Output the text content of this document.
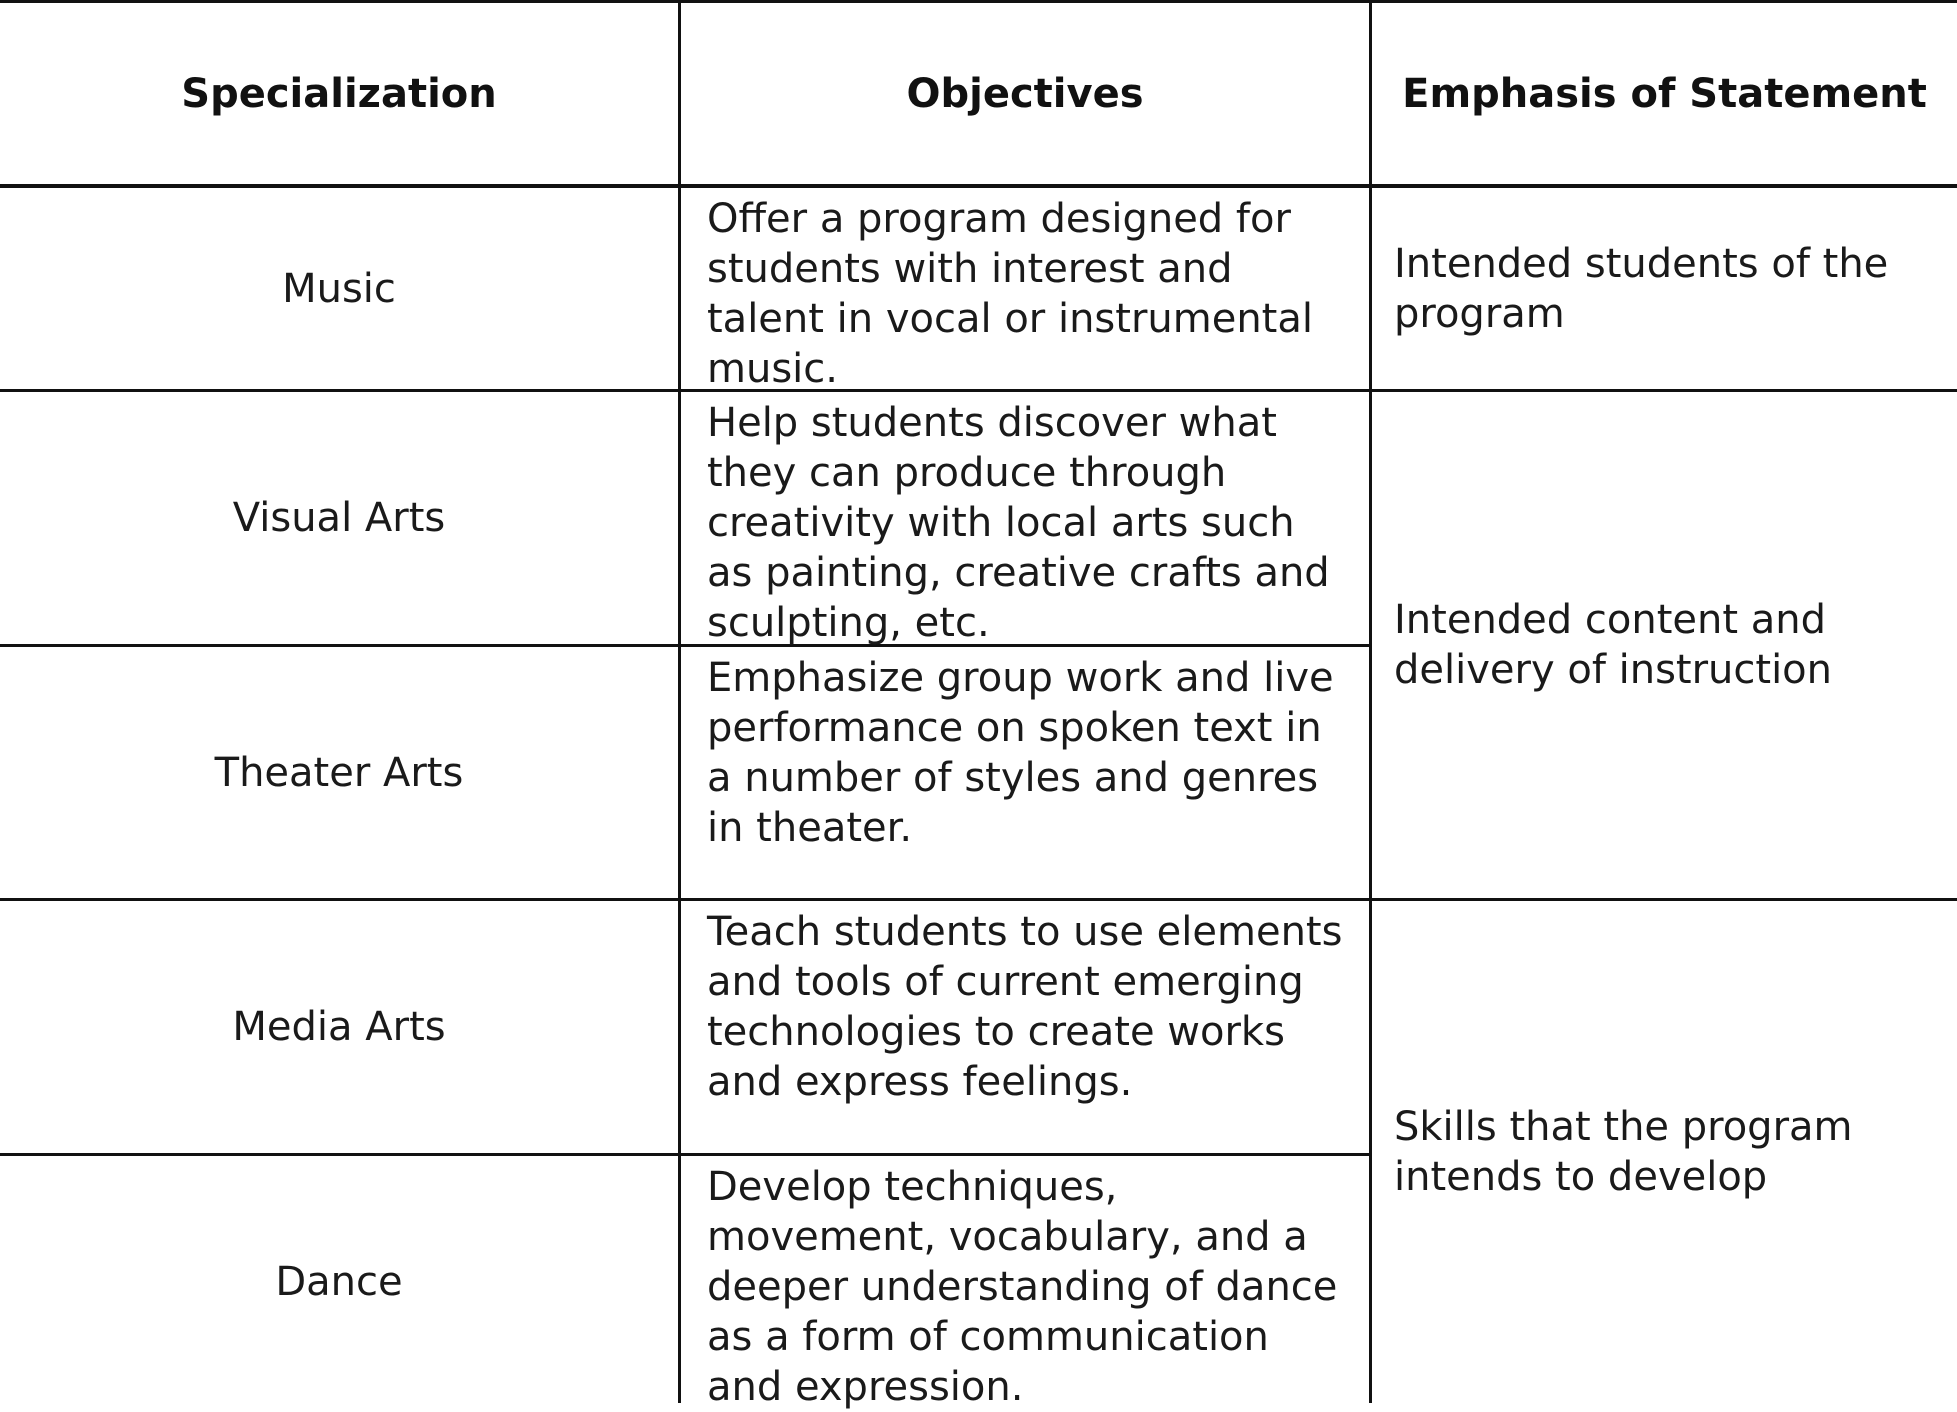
Specialization	Objectives	Emphasis of Statement
Music
Visual Arts
Theater Arts
Media Arts
Dance
Offer a program designed for students with interest and talent in vocal or instrumental music.
Help students discover what they can produce through creativity with local arts such as painting, creative crafts and sculpting, etc.
Emphasize group work and live performance on spoken text in a number of styles and genres in theater.
Teach students to use elements and tools of current emerging technologies to create works and express feelings.
Develop techniques, movement, vocabulary, and a deeper understanding of dance as a form of communication and expression.
Intended students of the program
Intended content and delivery of instruction
Skills that the program intends to develop
